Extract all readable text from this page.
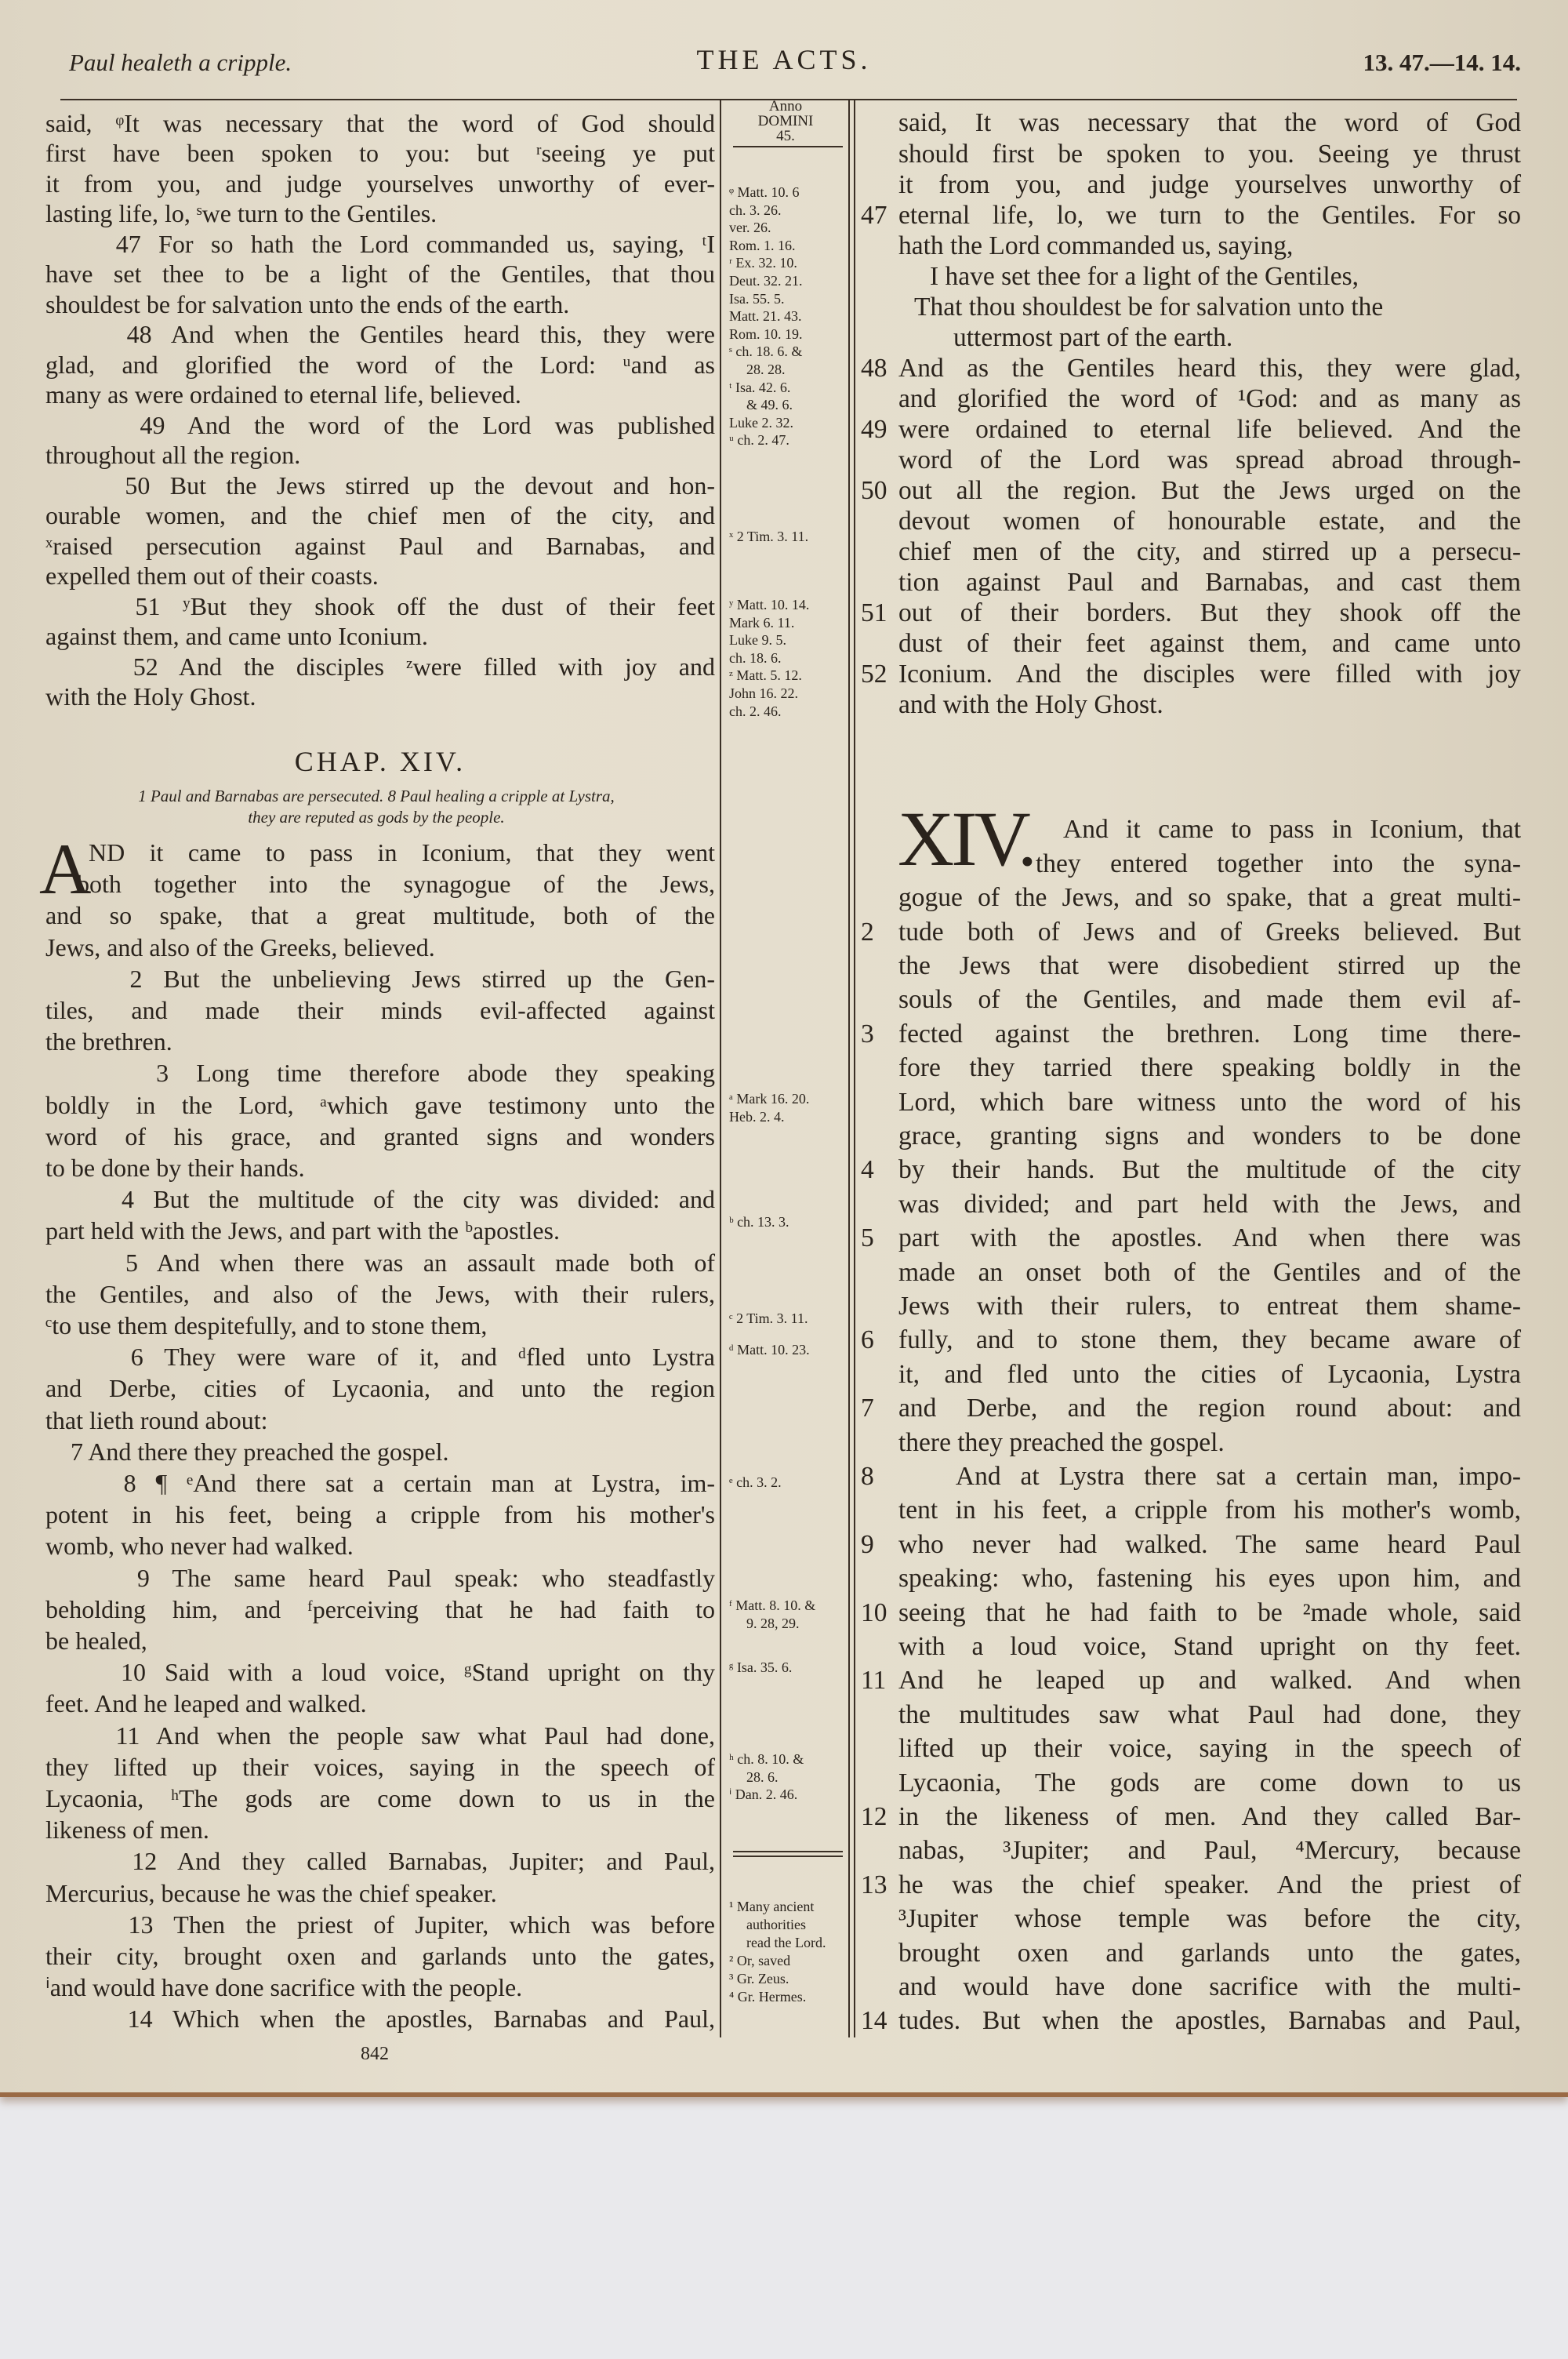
Paul healeth a cripple.	THE ACTS.	13. 47.—14. 14.
Anno
DOMINI
45.
CHAP. XIV.
1 Paul and Barnabas are persecuted. 8 Paul healing a cripple at Lystra,
they are reputed as gods by the people.
A	XIV.
842
said, ᵠIt was necessary that the word of God should
first have been spoken to you: but ʳseeing ye put
it from you, and judge yourselves unworthy of ever-
lasting life, lo, ˢwe turn to the Gentiles.
47 For so hath the Lord commanded us, saying, ᵗI
have set thee to be a light of the Gentiles, that thou
shouldest be for salvation unto the ends of the earth.
48 And when the Gentiles heard this, they were
glad, and glorified the word of the Lord: ᵘand as
many as were ordained to eternal life, believed.
49 And the word of the Lord was published
throughout all the region.
50 But the Jews stirred up the devout and hon-
ourable women, and the chief men of the city, and
ˣraised persecution against Paul and Barnabas, and
expelled them out of their coasts.
51 ʸBut they shook off the dust of their feet
against them, and came unto Iconium.
52 And the disciples ᶻwere filled with joy and
with the Holy Ghost.
ND it came to pass in Iconium, that they went
both together into the synagogue of the Jews,
and so spake, that a great multitude, both of the
Jews, and also of the Greeks, believed.
2 But the unbelieving Jews stirred up the Gen-
tiles, and made their minds evil-affected against
the brethren.
3 Long time therefore abode they speaking
boldly in the Lord, ᵃwhich gave testimony unto the
word of his grace, and granted signs and wonders
to be done by their hands.
4 But the multitude of the city was divided: and
part held with the Jews, and part with the ᵇapostles.
5 And when there was an assault made both of
the Gentiles, and also of the Jews, with their rulers,
ᶜto use them despitefully, and to stone them,
6 They were ware of it, and ᵈfled unto Lystra
and Derbe, cities of Lycaonia, and unto the region
that lieth round about:
7 And there they preached the gospel.
8 ¶ ᵉAnd there sat a certain man at Lystra, im-
potent in his feet, being a cripple from his mother's
womb, who never had walked.
9 The same heard Paul speak: who steadfastly
beholding him, and ᶠperceiving that he had faith to
be healed,
10 Said with a loud voice, ᵍStand upright on thy
feet. And he leaped and walked.
11 And when the people saw what Paul had done,
they lifted up their voices, saying in the speech of
Lycaonia, ʰThe gods are come down to us in the
likeness of men.
12 And they called Barnabas, Jupiter; and Paul,
Mercurius, because he was the chief speaker.
13 Then the priest of Jupiter, which was before
their city, brought oxen and garlands unto the gates,
ⁱand would have done sacrifice with the people.
14 Which when the apostles, Barnabas and Paul,
said, It was necessary that the word of God
should first be spoken to you. Seeing ye thrust
it from you, and judge yourselves unworthy of
eternal life, lo, we turn to the Gentiles. For so
47
hath the Lord commanded us, saying,
I have set thee for a light of the Gentiles,
That thou shouldest be for salvation unto the
uttermost part of the earth.
And as the Gentiles heard this, they were glad,
48
and glorified the word of ¹God: and as many as
were ordained to eternal life believed. And the
49
word of the Lord was spread abroad through-
out all the region. But the Jews urged on the
50
devout women of honourable estate, and the
chief men of the city, and stirred up a persecu-
tion against Paul and Barnabas, and cast them
out of their borders. But they shook off the
51
dust of their feet against them, and came unto
Iconium. And the disciples were filled with joy
52
and with the Holy Ghost.
And it came to pass in Iconium, that
they entered together into the syna-
gogue of the Jews, and so spake, that a great multi-
tude both of Jews and of Greeks believed. But
2
the Jews that were disobedient stirred up the
souls of the Gentiles, and made them evil af-
fected against the brethren. Long time there-
3
fore they tarried there speaking boldly in the
Lord, which bare witness unto the word of his
grace, granting signs and wonders to be done
by their hands. But the multitude of the city
4
was divided; and part held with the Jews, and
part with the apostles. And when there was
5
made an onset both of the Gentiles and of the
Jews with their rulers, to entreat them shame-
fully, and to stone them, they became aware of
6
it, and fled unto the cities of Lycaonia, Lystra
and Derbe, and the region round about: and
7
there they preached the gospel.
And at Lystra there sat a certain man, impo-
8
tent in his feet, a cripple from his mother's womb,
who never had walked. The same heard Paul
9
speaking: who, fastening his eyes upon him, and
seeing that he had faith to be ²made whole, said
10
with a loud voice, Stand upright on thy feet.
And he leaped up and walked. And when
11
the multitudes saw what Paul had done, they
lifted up their voice, saying in the speech of
Lycaonia, The gods are come down to us
in the likeness of men. And they called Bar-
12
nabas, ³Jupiter; and Paul, ⁴Mercury, because
he was the chief speaker. And the priest of
13
³Jupiter whose temple was before the city,
brought oxen and garlands unto the gates,
and would have done sacrifice with the multi-
tudes. But when the apostles, Barnabas and Paul,
14
ᵠ Matt. 10. 6
ch. 3. 26.
ver. 26.
Rom. 1. 16.
ʳ Ex. 32. 10.
Deut. 32. 21.
Isa. 55. 5.
Matt. 21. 43.
Rom. 10. 19.
ˢ ch. 18. 6. &
28. 28.
ᵗ Isa. 42. 6.
& 49. 6.
Luke 2. 32.
ᵘ ch. 2. 47.
ˣ 2 Tim. 3. 11.
ʸ Matt. 10. 14.
Mark 6. 11.
Luke 9. 5.
ch. 18. 6.
ᶻ Matt. 5. 12.
John 16. 22.
ch. 2. 46.
ᵃ Mark 16. 20.
Heb. 2. 4.
ᵇ ch. 13. 3.
ᶜ 2 Tim. 3. 11.
ᵈ Matt. 10. 23.
ᵉ ch. 3. 2.
ᶠ Matt. 8. 10. &
9. 28, 29.
ᵍ Isa. 35. 6.
ʰ ch. 8. 10. &
28. 6.
ⁱ Dan. 2. 46.
¹ Many ancient
authorities
read the Lord.
² Or, saved
³ Gr. Zeus.
⁴ Gr. Hermes.
